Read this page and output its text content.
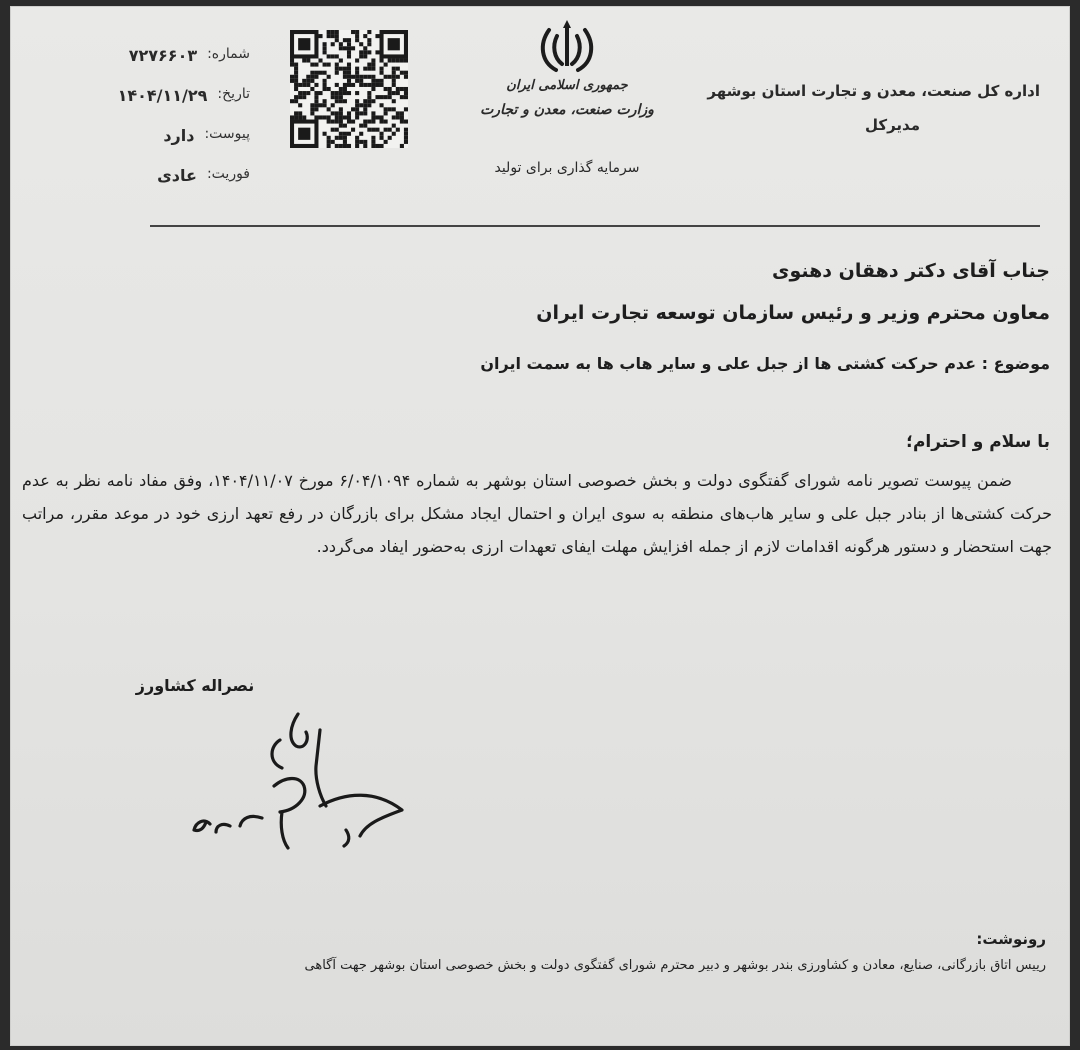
اداره کل صنعت، معدن و تجارت استان بوشهر
مدیرکل
جمهوری اسلامی ایران
وزارت صنعت، معدن و تجارت
سرمایه گذاری برای تولید
شماره:
۷۲۷۶۶۰۳
تاریخ:
۱۴۰۴/۱۱/۲۹
پیوست:
دارد
فوریت:
عادی
جناب آقای دکتر دهقان دهنوی
معاون محترم وزیر و رئیس سازمان توسعه تجارت ایران
موضوع : عدم حرکت کشتی ها از جبل علی و سایر هاب ها به سمت ایران
با سلام و احترام؛
ضمن پیوست تصویر نامه شورای گفتگوی دولت و بخش خصوصی استان بوشهر به شماره ۶/۰۴/۱۰۹۴ مورخ ۱۴۰۴/۱۱/۰۷، وفق مفاد نامه نظر به عدم حرکت کشتی‌ها از بنادر جبل علی و سایر هاب‌های منطقه به سوی ایران و احتمال ایجاد مشکل برای بازرگان در رفع تعهد ارزی خود در موعد مقرر، مراتب جهت استحضار و دستور هرگونه اقدامات لازم از جمله افزایش مهلت ایفای تعهدات ارزی به‌حضور ایفاد می‌گردد.
نصراله کشاورز
رونوشت:
رییس اتاق بازرگانی، صنایع، معادن و کشاورزی بندر بوشهر و دبیر محترم شورای گفتگوی دولت و بخش خصوصی استان بوشهر جهت آگاهی
